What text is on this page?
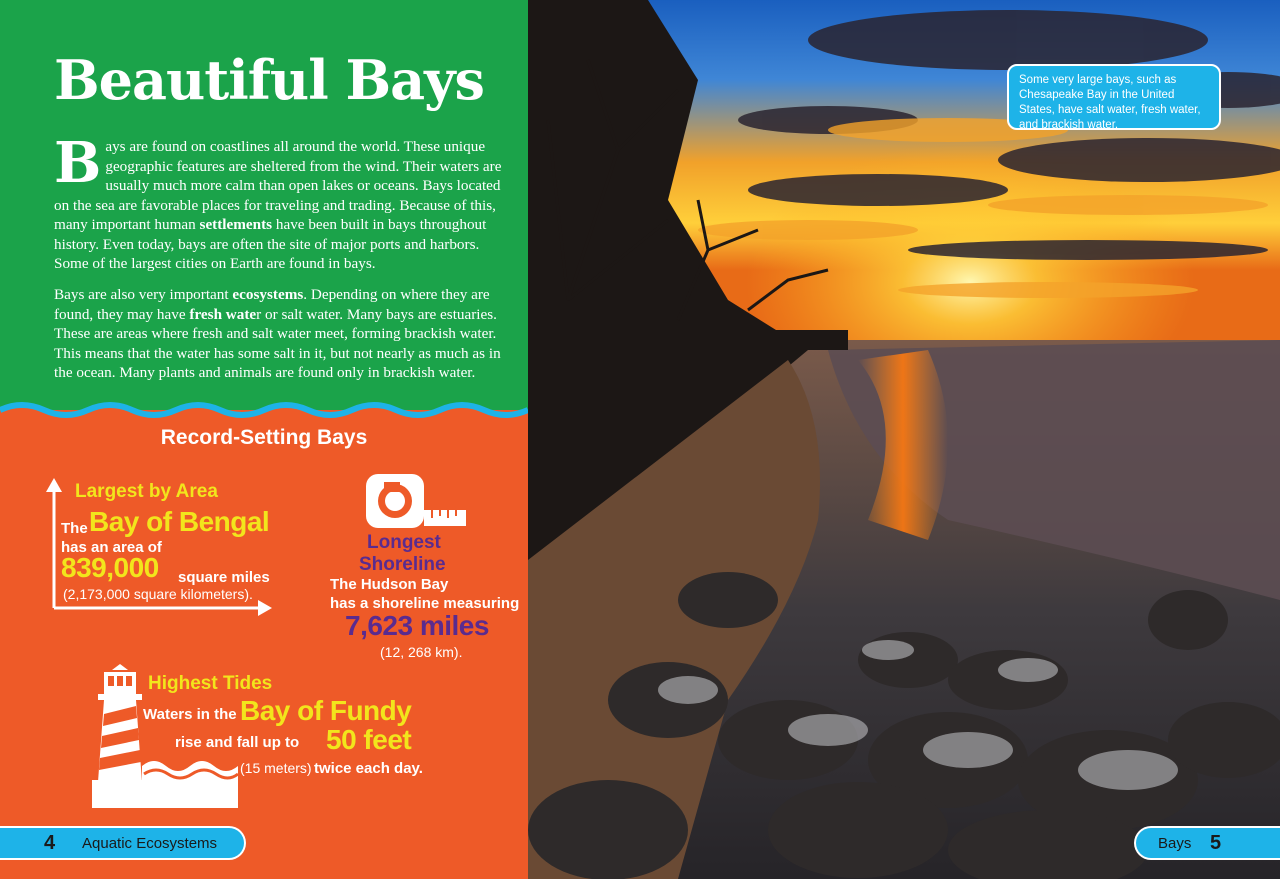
Beautiful Bays

Bays are found on coastlines all around the world. These unique geographic features are sheltered from the wind. Their waters are usually much more calm than open lakes or oceans. Bays located on the sea are favorable places for traveling and trading. Because of this, many important human settlements have been built in bays throughout history. Even today, bays are often the site of major ports and harbors. Some of the largest cities on Earth are found in bays.

Bays are also very important ecosystems. Depending on where they are found, they may have fresh water or salt water. Many bays are estuaries. These are areas where fresh and salt water meet, forming brackish water. This means that the water has some salt in it, but not nearly as much as in the ocean. Many plants and animals are found only in brackish water.

Record-Setting Bays
Largest by Area
The Bay of Bengal
has an area of
839,000 square miles
(2,173,000 square kilometers).
Longest
Shoreline
The Hudson Bay
has a shoreline measuring
7,623 miles
(12, 268 km).
Highest Tides
Waters in the Bay of Fundy
rise and fall up to 50 feet
(15 meters) twice each day.
4	Aquatic Ecosystems
Some very large bays, such as Chesapeake Bay in the United States, have salt water, fresh water, and brackish water.
Bays 5
